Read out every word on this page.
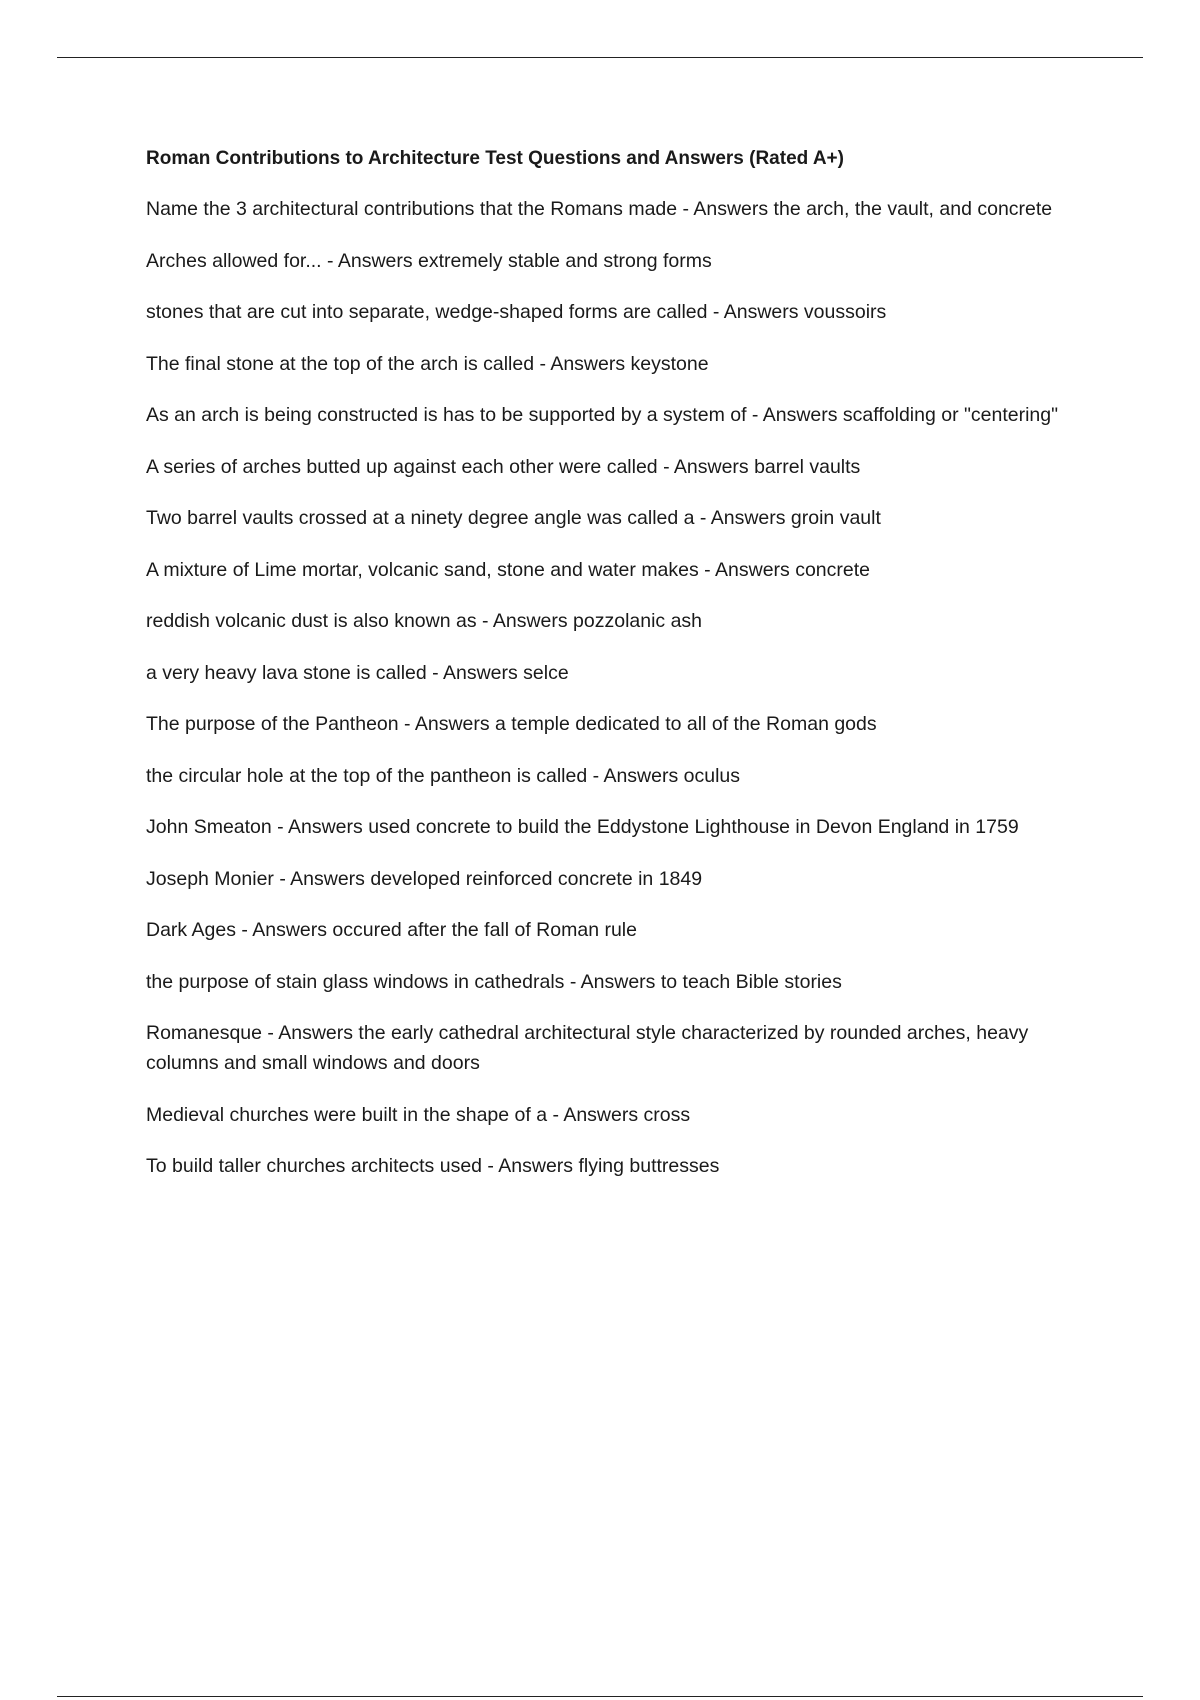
Roman Contributions to Architecture Test Questions and Answers (Rated A+)
Name the 3 architectural contributions that the Romans made - Answers the arch, the vault, and concrete
Arches allowed for... - Answers extremely stable and strong forms
stones that are cut into separate, wedge-shaped forms are called - Answers voussoirs
The final stone at the top of the arch is called - Answers keystone
As an arch is being constructed is has to be supported by a system of - Answers scaffolding or "centering"
A series of arches butted up against each other were called - Answers barrel vaults
Two barrel vaults crossed at a ninety degree angle was called a - Answers groin vault
A mixture of Lime mortar, volcanic sand, stone and water makes - Answers concrete
reddish volcanic dust is also known as - Answers pozzolanic ash
a very heavy lava stone is called - Answers selce
The purpose of the Pantheon - Answers a temple dedicated to all of the Roman gods
the circular hole at the top of the pantheon is called - Answers oculus
John Smeaton - Answers used concrete to build the Eddystone Lighthouse in Devon England in 1759
Joseph Monier - Answers developed reinforced concrete in 1849
Dark Ages - Answers occured after the fall of Roman rule
the purpose of stain glass windows in cathedrals - Answers to teach Bible stories
Romanesque - Answers the early cathedral architectural style characterized by rounded arches, heavy columns and small windows and doors
Medieval churches were built in the shape of a - Answers cross
To build taller churches architects used - Answers flying buttresses
